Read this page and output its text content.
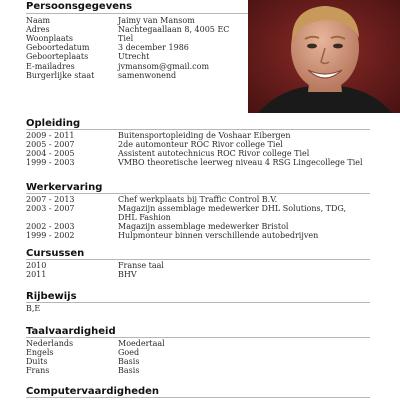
Persoonsgegevens
Naam	Jaimy van Mansom
Adres	Nachtegaallaan 8, 4005 EC
Woonplaats	Tiel
Geboortedatum	3 december 1986
Geboorteplaats	Utrecht
E-mailadres	jvmansom@gmail.com
Burgerlijke staat	samenwonend
Opleiding
2009 - 2011	Buitensportopleiding de Voshaar Eibergen
2005 - 2007	2de automonteur ROC Rivor college Tiel
2004 - 2005	Assistent autotechnicus ROC Rivor college Tiel
1999 - 2003	VMBO theoretische leerweg niveau 4 RSG Lingecollege Tiel
Werkervaring
2007 - 2013	Chef werkplaats bij Traffic Control B.V.
2003 - 2007	Magazijn assemblage medewerker DHL Solutions, TDG,
DHL Fashion
2002 - 2003	Magazijn assemblage medewerker Bristol
1999 - 2002	Hulpmonteur binnen verschillende autobedrijven
Cursussen
2010	Franse taal
2011	BHV
Rijbewijs
B,E
Taalvaardigheid
Nederlands	Moedertaal
Engels	Goed
Duits	Basis
Frans	Basis
Computervaardigheden
